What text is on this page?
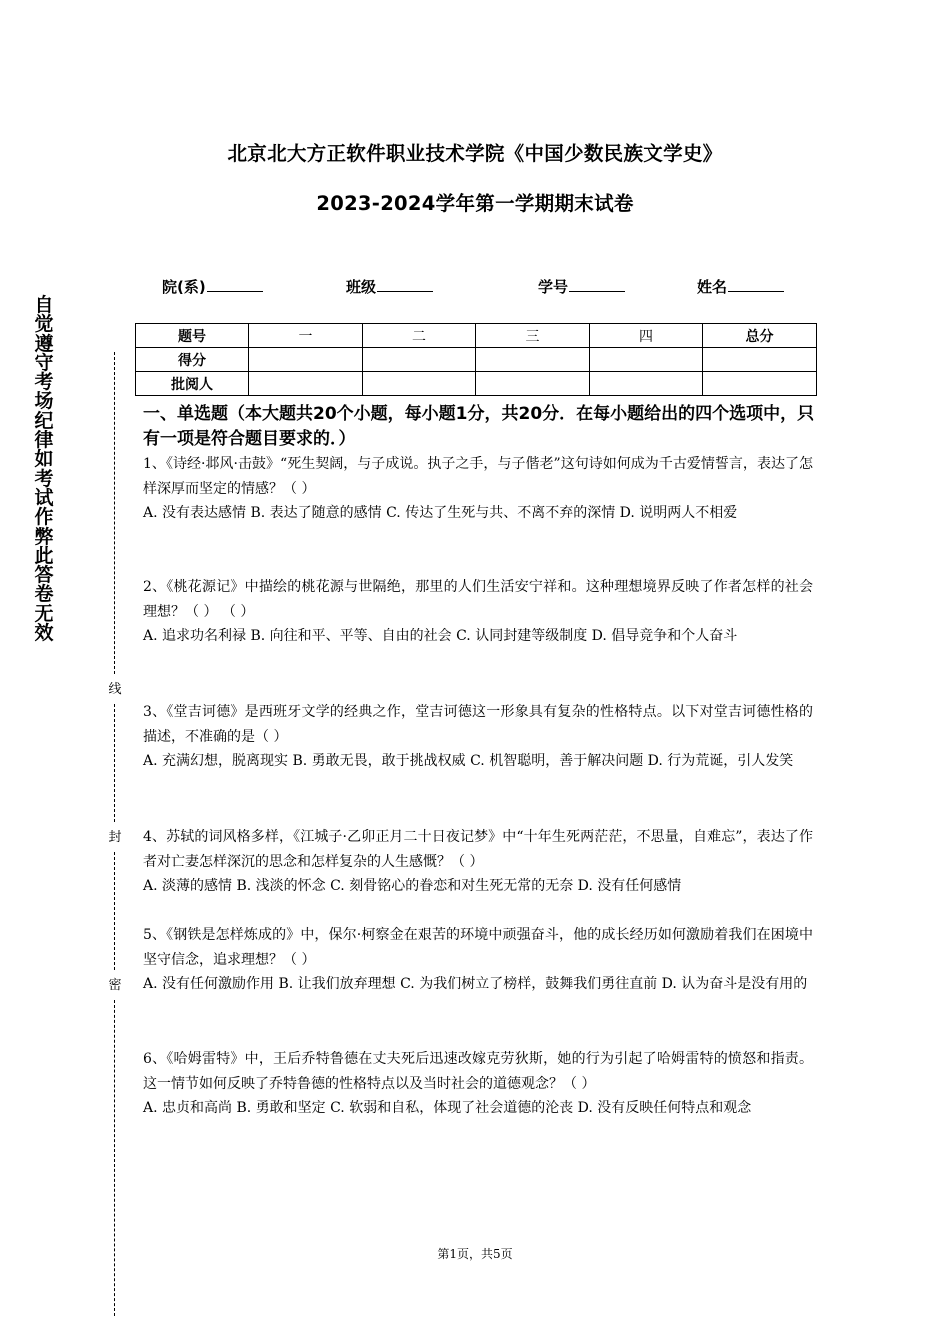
北京北大方正软件职业技术学院《中国少数民族文学史》
2023-2024学年第一学期期末试卷
院(系)	班级	学号	姓名
题号	一	二	三	四	总分
得分					
批阅人					
自觉遵守考场纪律如考试作弊此答卷无效
线
封
密
一、单选题（本大题共20个小题，每小题1分，共20分．在每小题给出的四个选项中，只有一项是符合题目要求的．）
1、《诗经·邶风·击鼓》“死生契阔，与子成说。执子之手，与子偕老”这句诗如何成为千古爱情誓言，表达了怎样深厚而坚定的情感？（ ）
A. 没有表达感情 B. 表达了随意的感情 C. 传达了生死与共、不离不弃的深情 D. 说明两人不相爱
2、《桃花源记》中描绘的桃花源与世隔绝，那里的人们生活安宁祥和。这种理想境界反映了作者怎样的社会理想？（ ） （ ）
A. 追求功名利禄 B. 向往和平、平等、自由的社会 C. 认同封建等级制度 D. 倡导竞争和个人奋斗
3、《堂吉诃德》是西班牙文学的经典之作，堂吉诃德这一形象具有复杂的性格特点。以下对堂吉诃德性格的描述，不准确的是（ ）
A. 充满幻想，脱离现实 B. 勇敢无畏，敢于挑战权威 C. 机智聪明，善于解决问题 D. 行为荒诞，引人发笑
4、苏轼的词风格多样，《江城子·乙卯正月二十日夜记梦》中“十年生死两茫茫，不思量，自难忘”，表达了作者对亡妻怎样深沉的思念和怎样复杂的人生感慨？（ ）
A. 淡薄的感情 B. 浅淡的怀念 C. 刻骨铭心的眷恋和对生死无常的无奈 D. 没有任何感情
5、《钢铁是怎样炼成的》中，保尔·柯察金在艰苦的环境中顽强奋斗，他的成长经历如何激励着我们在困境中坚守信念，追求理想？（ ）
A. 没有任何激励作用 B. 让我们放弃理想 C. 为我们树立了榜样，鼓舞我们勇往直前 D. 认为奋斗是没有用的
6、《哈姆雷特》中，王后乔特鲁德在丈夫死后迅速改嫁克劳狄斯，她的行为引起了哈姆雷特的愤怒和指责。这一情节如何反映了乔特鲁德的性格特点以及当时社会的道德观念？（ ）
A. 忠贞和高尚 B. 勇敢和坚定 C. 软弱和自私，体现了社会道德的沦丧 D. 没有反映任何特点和观念
第1页，共5页
